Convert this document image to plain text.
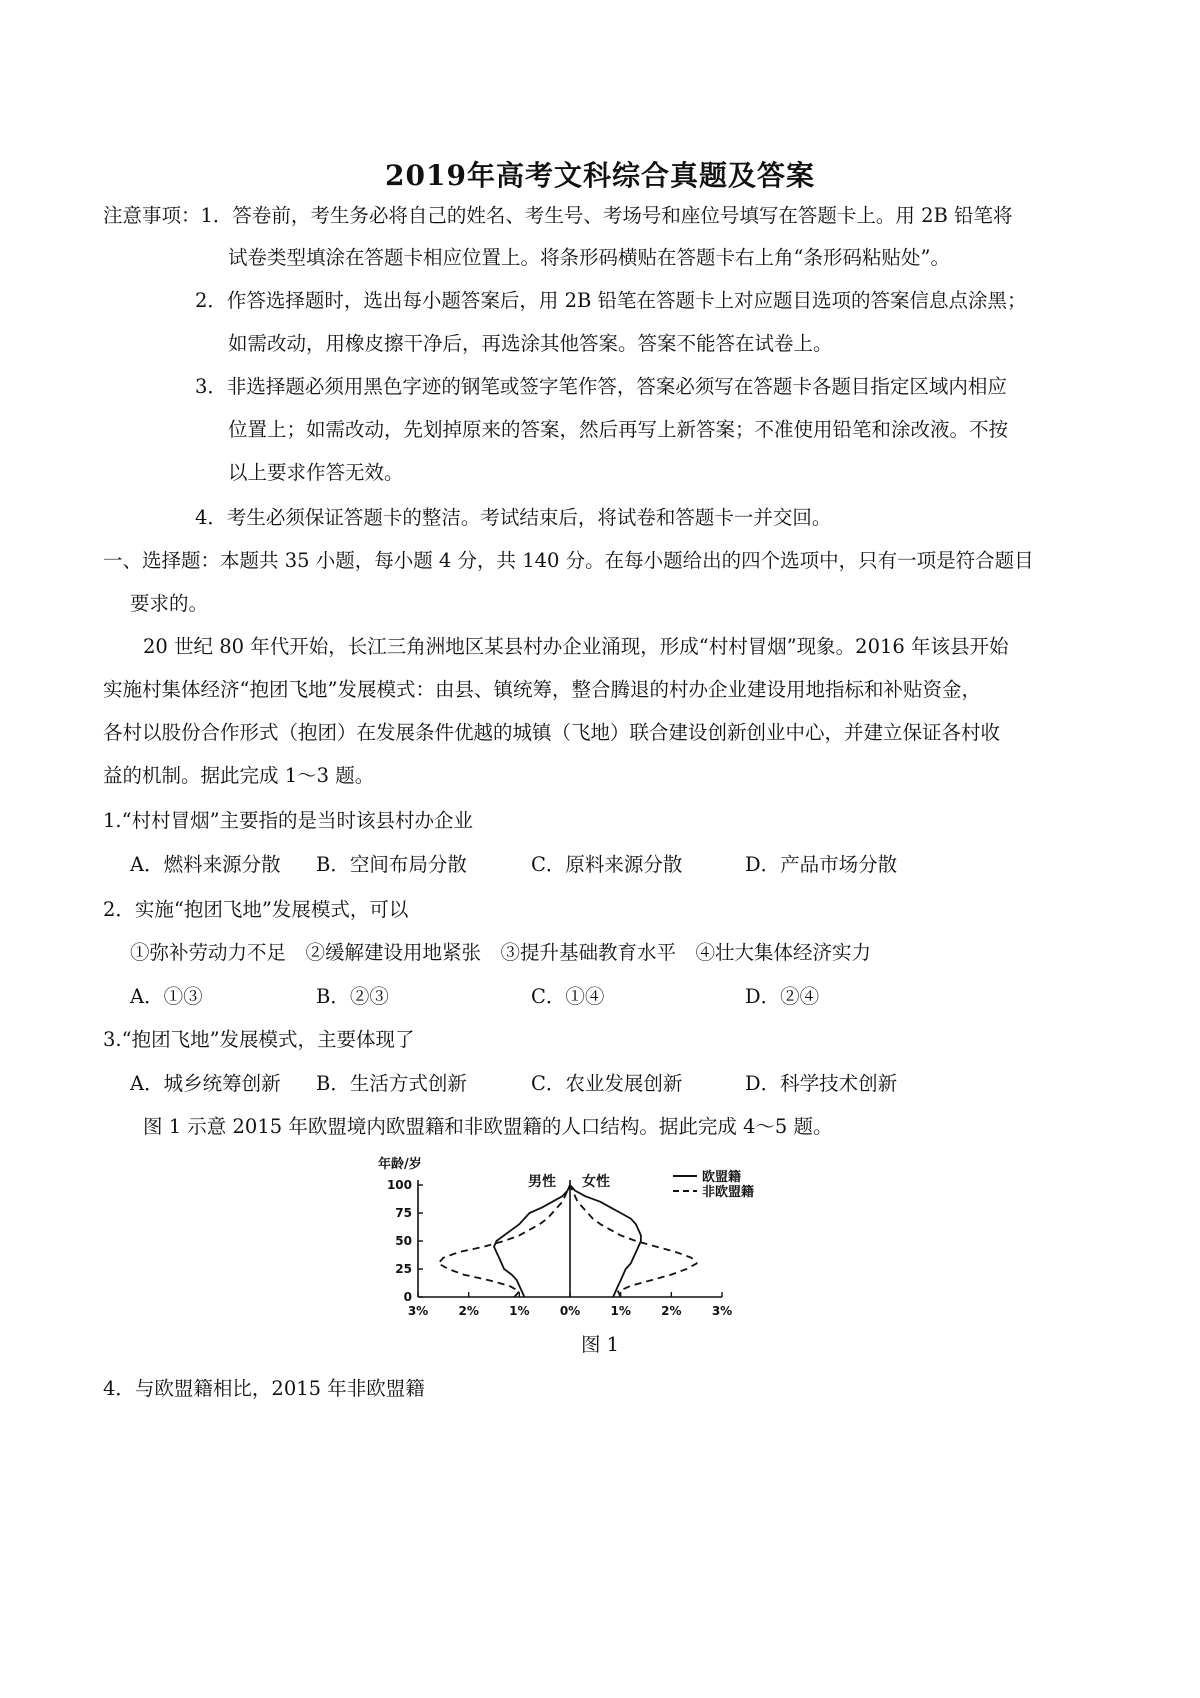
2019年高考文科综合真题及答案
注意事项：1．答卷前，考生务必将自己的姓名、考生号、考场号和座位号填写在答题卡上。用 2B 铅笔将
试卷类型填涂在答题卡相应位置上。将条形码横贴在答题卡右上角“条形码粘贴处”。
2．作答选择题时，选出每小题答案后，用 2B 铅笔在答题卡上对应题目选项的答案信息点涂黑；
如需改动，用橡皮擦干净后，再选涂其他答案。答案不能答在试卷上。
3．非选择题必须用黑色字迹的钢笔或签字笔作答，答案必须写在答题卡各题目指定区域内相应
位置上；如需改动，先划掉原来的答案，然后再写上新答案；不准使用铅笔和涂改液。不按
以上要求作答无效。
4．考生必须保证答题卡的整洁。考试结束后，将试卷和答题卡一并交回。
一、选择题：本题共 35 小题，每小题 4 分，共 140 分。在每小题给出的四个选项中，只有一项是符合题目
要求的。
20 世纪 80 年代开始，长江三角洲地区某县村办企业涌现，形成“村村冒烟”现象。2016 年该县开始
实施村集体经济“抱团飞地”发展模式：由县、镇统筹，整合腾退的村办企业建设用地指标和补贴资金，
各村以股份合作形式（抱团）在发展条件优越的城镇（飞地）联合建设创新创业中心，并建立保证各村收
益的机制。据此完成 1～3 题。
1.“村村冒烟”主要指的是当时该县村办企业
A．燃料来源分散 B．空间布局分散	C．原料来源分散	D．产品市场分散
2．实施“抱团飞地”发展模式，可以
①弥补劳动力不足　②缓解建设用地紧张　③提升基础教育水平　④壮大集体经济实力
A．①③	B．②③	C．①④	D．②④
3.“抱团飞地”发展模式，主要体现了
A．城乡统筹创新 B．生活方式创新	C．农业发展创新	D．科学技术创新
图 1 示意 2015 年欧盟境内欧盟籍和非欧盟籍的人口结构。据此完成 4～5 题。
100
75
50
25
0
3%	2%	1%	0%	1%	2%	3%
年龄/岁
男性 女性	欧盟籍
非欧盟籍
图 1
4．与欧盟籍相比，2015 年非欧盟籍
